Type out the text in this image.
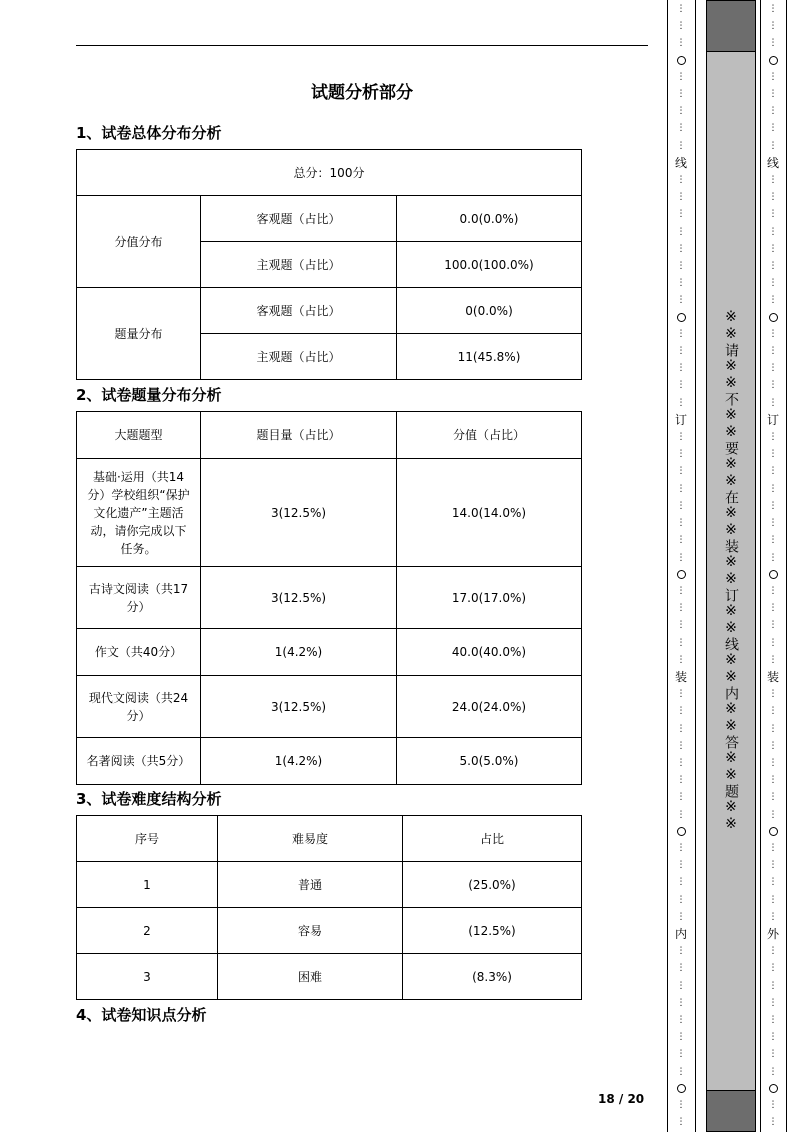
试题分析部分
1、试卷总体分布分析
总分：100分		
分值分布	客观题（占比）	0.0(0.0%)
	主观题（占比）	100.0(100.0%)
题量分布	客观题（占比）	0(0.0%)
	主观题（占比）	11(45.8%)
2、试卷题量分布分析
大题题型	题目量（占比）	分值（占比）
基础·运用（共14分）学校组织“保护文化遗产”主题活动，请你完成以下任务。	3(12.5%)	14.0(14.0%)
古诗文阅读（共17分）	3(12.5%)	17.0(17.0%)
作文（共40分）	1(4.2%)	40.0(40.0%)
现代文阅读（共24分）	3(12.5%)	24.0(24.0%)
名著阅读（共5分）	1(4.2%)	5.0(5.0%)
3、试卷难度结构分析
序号	难易度	占比
1	普通	(25.0%)
2	容易	(12.5%)
3	困难	(8.3%)
4、试卷知识点分析
18 / 20
⋮
⋮
⋮
⋮
⋮
⋮
⋮
⋮
线
⋮
⋮
⋮
⋮
⋮
⋮
⋮
⋮
⋮
⋮
⋮
⋮
⋮
订
⋮
⋮
⋮
⋮
⋮
⋮
⋮
⋮
⋮
⋮
⋮
⋮
⋮
装
⋮
⋮
⋮
⋮
⋮
⋮
⋮
⋮
⋮
⋮
⋮
⋮
⋮
内
⋮
⋮
⋮
⋮
⋮
⋮
⋮
⋮
⋮
⋮
⋮
⋮
⋮
⋮
⋮
⋮
⋮
⋮
线
⋮
⋮
⋮
⋮
⋮
⋮
⋮
⋮
⋮
⋮
⋮
⋮
⋮
订
⋮
⋮
⋮
⋮
⋮
⋮
⋮
⋮
⋮
⋮
⋮
⋮
⋮
装
⋮
⋮
⋮
⋮
⋮
⋮
⋮
⋮
⋮
⋮
⋮
⋮
⋮
外
⋮
⋮
⋮
⋮
⋮
⋮
⋮
⋮
⋮
⋮
※※请※※不※※要※※在※※装※※订※※线※※内※※答※※题※※
